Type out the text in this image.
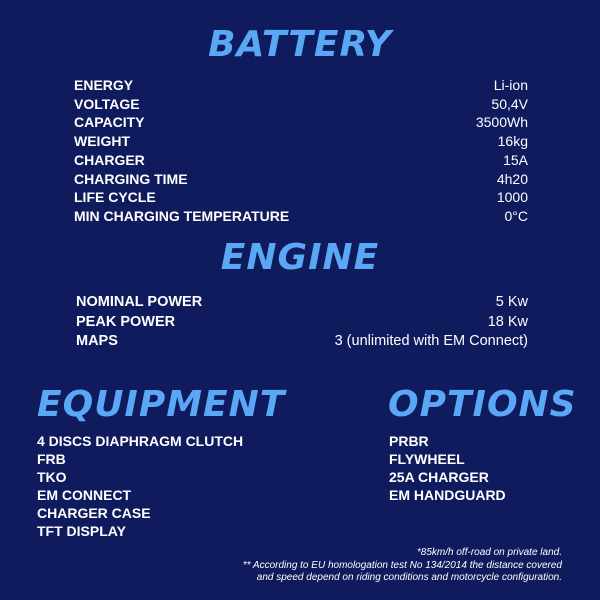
BATTERY
ENERGY	Li-ion
VOLTAGE	50,4V
CAPACITY	3500Wh
WEIGHT	16kg
CHARGER	15A
CHARGING TIME	4h20
LIFE CYCLE	1000
MIN CHARGING TEMPERATURE	0°C
ENGINE
NOMINAL POWER	5 Kw
PEAK POWER	18 Kw
MAPS	3 (unlimited with EM Connect)
EQUIPMENT
4 DISCS DIAPHRAGM CLUTCH
FRB
TKO
EM CONNECT
CHARGER CASE
TFT DISPLAY
OPTIONS
PRBR
FLYWHEEL
25A CHARGER
EM HANDGUARD
*85km/h off-road on private land.
** According to EU homologation test No 134/2014 the distance covered
and speed depend on riding conditions and motorcycle configuration.
